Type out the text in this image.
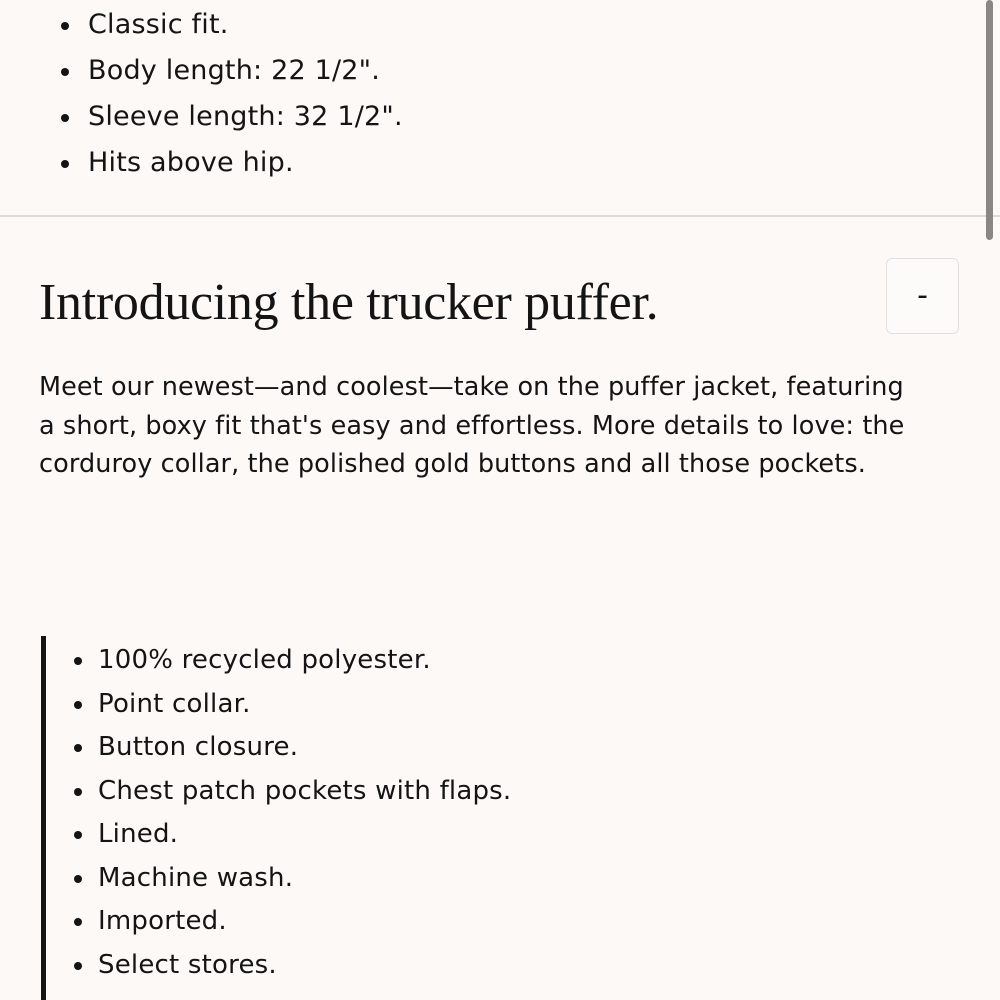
Classic fit.
Body length: 22 1/2".
Sleeve length: 32 1/2".
Hits above hip.
Introducing the trucker puffer.	-

Meet our newest—and coolest—take on the puffer jacket, featuring a short, boxy fit that's easy and effortless. More details to love: the corduroy collar, the polished gold buttons and all those pockets.

100% recycled polyester.
Point collar.
Button closure.
Chest patch pockets with flaps.
Lined.
Machine wash.
Imported.
Select stores.
